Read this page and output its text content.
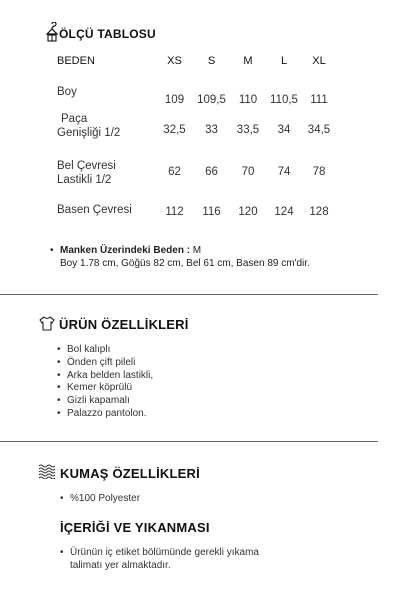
ÖLÇÜ TABLOSU
BEDEN	XS	S	M	L	XL

Boy	109	109,5	110	110,5	111

Paça
Genişliği 1/2	32,5	33	33,5	34	34,5

Bel Çevresi
Lastikli 1/2	62	66	70	74	78

Basen Çevresi	112	116	120	124	128
• Manken Üzerindeki Beden : M
Boy 1.78 cm, Göğüs 82 cm, Bel 61 cm, Basen 89 cm'dir.
ÜRÜN ÖZELLİKLERİ
• Bol kalıplı
• Önden çift pileli
• Arka belden lastikli,
• Kemer köprülü
• Gizli kapamalı
• Palazzo pantolon.
KUMAŞ ÖZELLİKLERİ
• %100 Polyester
İÇERİĞİ VE YIKANMASI
• Ürünün iç etiket bölümünde gerekli yıkama
talimatı yer almaktadır.
